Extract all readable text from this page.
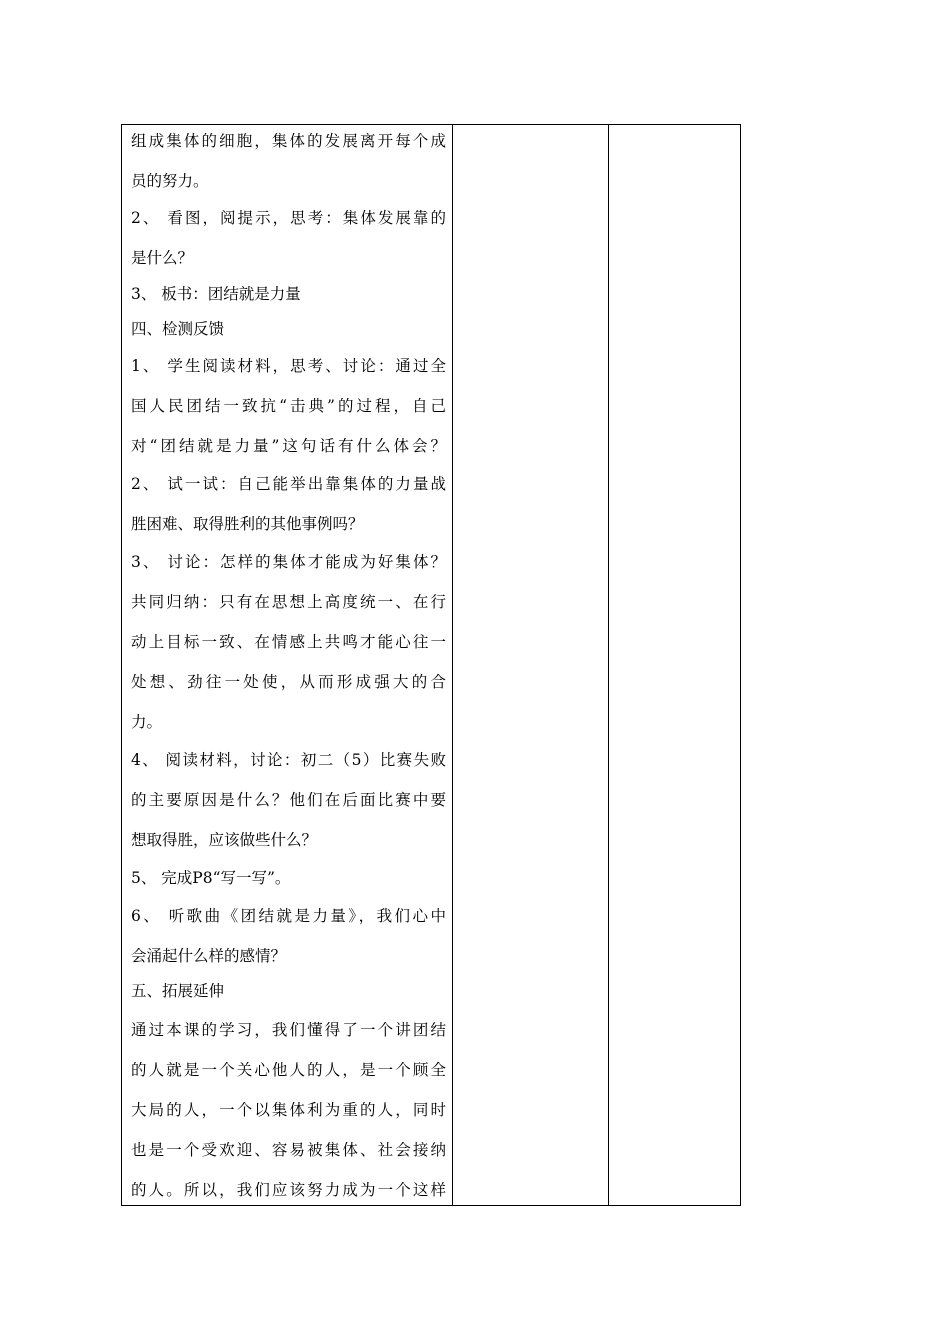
组成集体的细胞，集体的发展离开每个成
员的努力。
2、 看图，阅提示，思考：集体发展靠的
是什么？
3、 板书：团结就是力量
四、检测反馈
1、 学生阅读材料，思考、讨论：通过全
国人民团结一致抗“击典”的过程，自己
对“团结就是力量”这句话有什么体会？
2、 试一试：自己能举出靠集体的力量战
胜困难、取得胜利的其他事例吗？
3、 讨论：怎样的集体才能成为好集体？
共同归纳：只有在思想上高度统一、在行
动上目标一致、在情感上共鸣才能心往一
处想、劲往一处使，从而形成强大的合
力。
4、 阅读材料，讨论：初二（5）比赛失败
的主要原因是什么？他们在后面比赛中要
想取得胜，应该做些什么？
5、 完成P8“写一写”。
6、 听歌曲《团结就是力量》，我们心中
会涌起什么样的感情？
五、拓展延伸
通过本课的学习，我们懂得了一个讲团结
的人就是一个关心他人的人，是一个顾全
大局的人，一个以集体利为重的人，同时
也是一个受欢迎、容易被集体、社会接纳
的人。所以，我们应该努力成为一个这样
